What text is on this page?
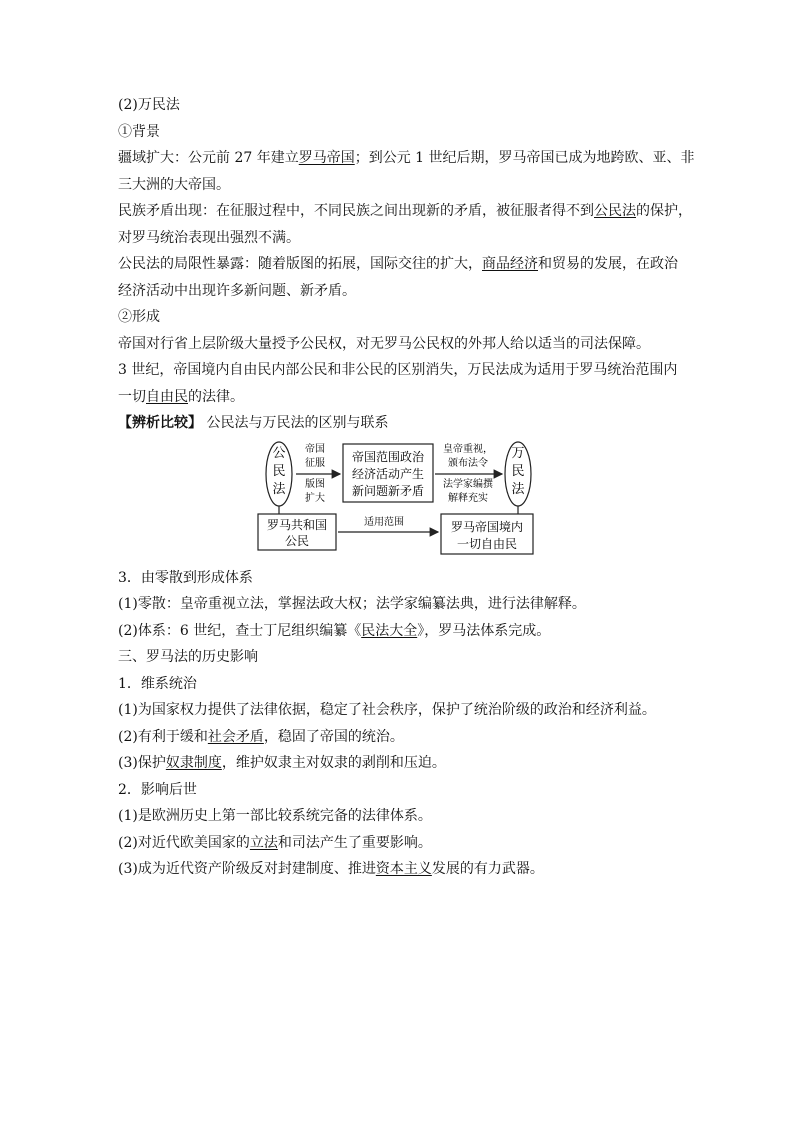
(2)万民法
①背景
疆域扩大：公元前 27 年建立罗马帝国；到公元 1 世纪后期，罗马帝国已成为地跨欧、亚、非
三大洲的大帝国。
民族矛盾出现：在征服过程中，不同民族之间出现新的矛盾，被征服者得不到公民法的保护，
对罗马统治表现出强烈不满。
公民法的局限性暴露：随着版图的拓展，国际交往的扩大，商品经济和贸易的发展，在政治
经济活动中出现许多新问题、新矛盾。
②形成
帝国对行省上层阶级大量授予公民权，对无罗马公民权的外邦人给以适当的司法保障。
3 世纪，帝国境内自由民内部公民和非公民的区别消失，万民法成为适用于罗马统治范围内
一切自由民的法律。
【辨析比较】 公民法与万民法的区别与联系
公
民
法
帝国
征服
版图
扩大
帝国范围政治
经济活动产生
新问题新矛盾
皇帝重视，
颁布法令
法学家编撰
解释充实
万
民
法
罗马共和国
公民
适用范围	罗马帝国境内
一切自由民
3．由零散到形成体系
(1)零散：皇帝重视立法，掌握法政大权；法学家编纂法典，进行法律解释。
(2)体系：6 世纪，查士丁尼组织编纂《民法大全》，罗马法体系完成。
三、罗马法的历史影响
1．维系统治
(1)为国家权力提供了法律依据，稳定了社会秩序，保护了统治阶级的政治和经济利益。
(2)有利于缓和社会矛盾，稳固了帝国的统治。
(3)保护奴隶制度，维护奴隶主对奴隶的剥削和压迫。
2．影响后世
(1)是欧洲历史上第一部比较系统完备的法律体系。
(2)对近代欧美国家的立法和司法产生了重要影响。
(3)成为近代资产阶级反对封建制度、推进资本主义发展的有力武器。
